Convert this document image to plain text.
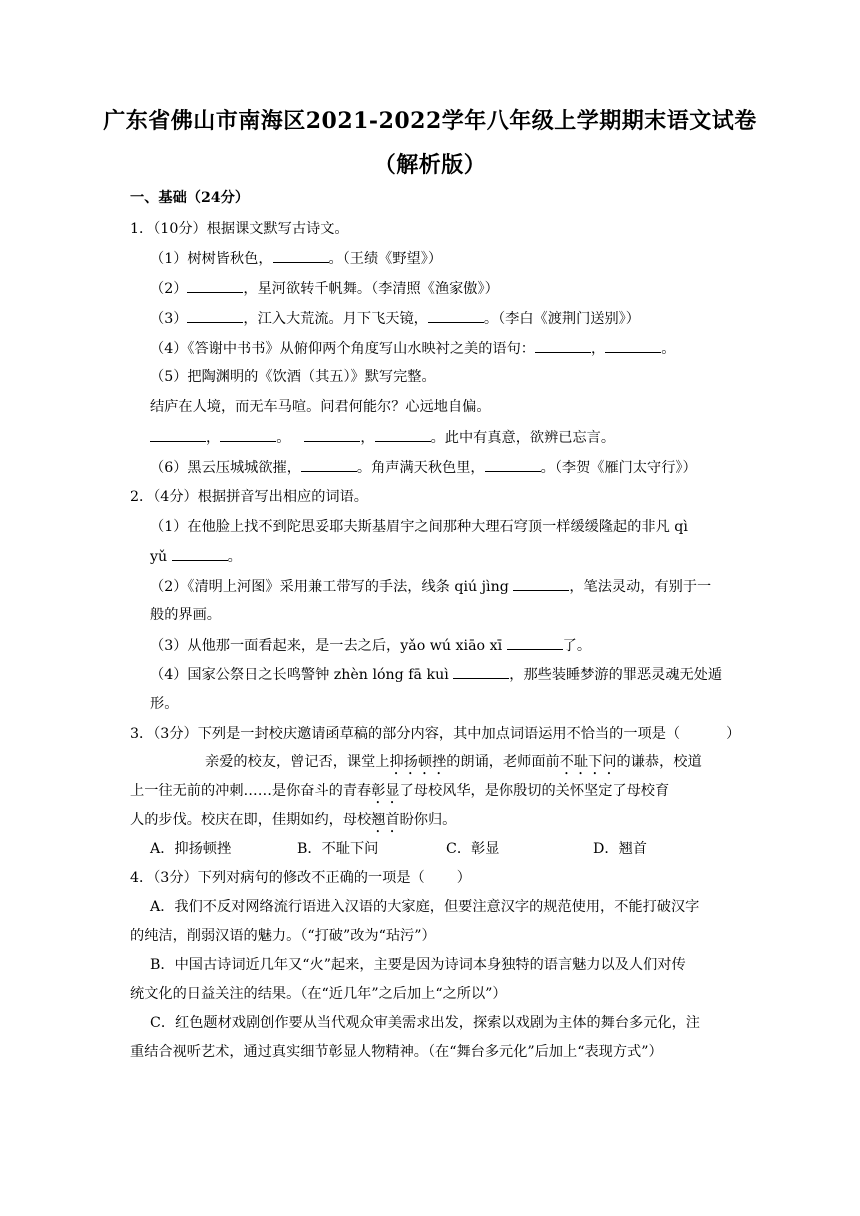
广东省佛山市南海区2021-2022学年八年级上学期期末语文试卷
（解析版）
一、基础（24分）
1．（10分）根据课文默写古诗文。
（1）树树皆秋色，	。（王绩《野望》）
（2）	，星河欲转千帆舞。（李清照《渔家傲》）
（3）	，江入大荒流。月下飞天镜，	。（李白《渡荆门送别》）
（4）《答谢中书书》从俯仰两个角度写山水映衬之美的语句：	，	。
（5）把陶渊明的《饮酒（其五）》默写完整。
结庐在人境，而无车马喧。问君何能尔？心远地自偏。
，	。	，	。此中有真意，欲辨已忘言。
（6）黑云压城城欲摧，	。角声满天秋色里，	。（李贺《雁门太守行》）
2．（4分）根据拼音写出相应的词语。
（1）在他脸上找不到陀思妥耶夫斯基眉宇之间那种大理石穹顶一样缓缓隆起的非凡 qì
yǔ	。
（2）《清明上河图》采用兼工带写的手法，线条 qiú jìng	，笔法灵动，有别于一
般的界画。
（3）从他那一面看起来，是一去之后，yǎo wú xiāo xī	了。
（4）国家公祭日之长鸣警钟 zhèn lóng fā kuì	，那些装睡梦游的罪恶灵魂无处遁
形。
3．（3分）下列是一封校庆邀请函草稿的部分内容，其中加点词语运用不恰当的一项是（	）
亲爱的校友，曾记否，课堂上抑扬顿挫的朗诵，老师面前不耻下问的谦恭，校道
上一往无前的冲刺……是你奋斗的青春彰显了母校风华，是你殷切的关怀坚定了母校育
人的步伐。校庆在即，佳期如约，母校翘首盼你归。
A．抑扬顿挫	B．不耻下问	C．彰显	D．翘首
4．（3分）下列对病句的修改不正确的一项是（ ）
A．我们不反对网络流行语进入汉语的大家庭，但要注意汉字的规范使用，不能打破汉字
的纯洁，削弱汉语的魅力。（“打破”改为“玷污”）
B．中国古诗词近几年又“火”起来，主要是因为诗词本身独特的语言魅力以及人们对传
统文化的日益关注的结果。（在“近几年”之后加上“之所以”）
C．红色题材戏剧创作要从当代观众审美需求出发，探索以戏剧为主体的舞台多元化，注
重结合视听艺术，通过真实细节彰显人物精神。（在“舞台多元化”后加上“表现方式”）
